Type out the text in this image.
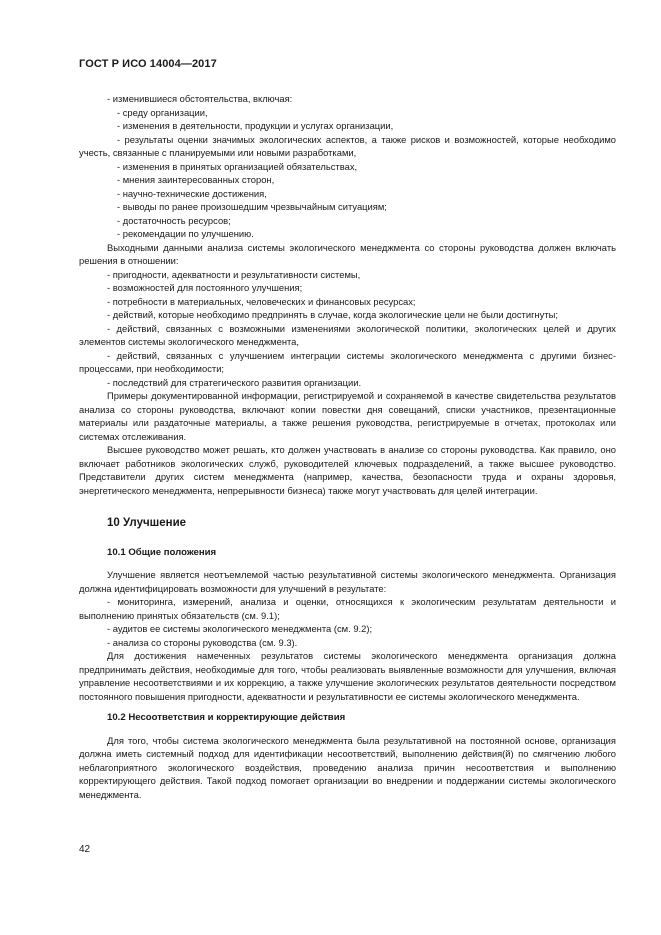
ГОСТ Р ИСО 14004—2017

- изменившиеся обстоятельства, включая:

- среду организации,

- изменения в деятельности, продукции и услугах организации,

- результаты оценки значимых экологических аспектов, а также рисков и возможностей, которые необходимо учесть, связанные с планируемыми или новыми разработками,

- изменения в принятых организацией обязательствах,

- мнения заинтересованных сторон,

- научно-технические достижения,

- выводы по ранее произошедшим чрезвычайным ситуациям;

- достаточность ресурсов;

- рекомендации по улучшению.

Выходными данными анализа системы экологического менеджмента со стороны руководства должен включать решения в отношении:

- пригодности, адекватности и результативности системы,

- возможностей для постоянного улучшения;

- потребности в материальных, человеческих и финансовых ресурсах;

- действий, которые необходимо предпринять в случае, когда экологические цели не были достигнуты;

- действий, связанных с возможными изменениями экологической политики, экологических целей и других элементов системы экологического менеджмента,

- действий, связанных с улучшением интеграции системы экологического менеджмента с другими бизнес-процессами, при необходимости;

- последствий для стратегического развития организации.

Примеры документированной информации, регистрируемой и сохраняемой в качестве свидетельства результатов анализа со стороны руководства, включают копии повестки дня совещаний, списки участников, презентационные материалы или раздаточные материалы, а также решения руководства, регистрируемые в отчетах, протоколах или системах отслеживания.

Высшее руководство может решать, кто должен участвовать в анализе со стороны руководства. Как правило, оно включает работников экологических служб, руководителей ключевых подразделений, а также высшее руководство. Представители других систем менеджмента (например, качества, безопасности труда и охраны здоровья, энергетического менеджмента, непрерывности бизнеса) также могут участвовать для целей интеграции.

10 Улучшение

10.1 Общие положения

Улучшение является неотъемлемой частью результативной системы экологического менеджмента. Организация должна идентифицировать возможности для улучшений в результате:

- мониторинга, измерений, анализа и оценки, относящихся к экологическим результатам деятельности и выполнению принятых обязательств (см. 9.1);

- аудитов ее системы экологического менеджмента (см. 9.2);

- анализа со стороны руководства (см. 9.3).

Для достижения намеченных результатов системы экологического менеджмента организация должна предпринимать действия, необходимые для того, чтобы реализовать выявленные возможности для улучшения, включая управление несоответствиями и их коррекцию, а также улучшение экологических результатов деятельности посредством постоянного повышения пригодности, адекватности и результативности ее системы экологического менеджмента.

10.2 Несоответствия и корректирующие действия

Для того, чтобы система экологического менеджмента была результативной на постоянной основе, организация должна иметь системный подход для идентификации несоответствий, выполнению действия(й) по смягчению любого неблагоприятного экологического воздействия, проведению анализа причин несоответствия и выполнению корректирующего действия. Такой подход помогает организации во внедрении и поддержании системы экологического менеджмента.

42
